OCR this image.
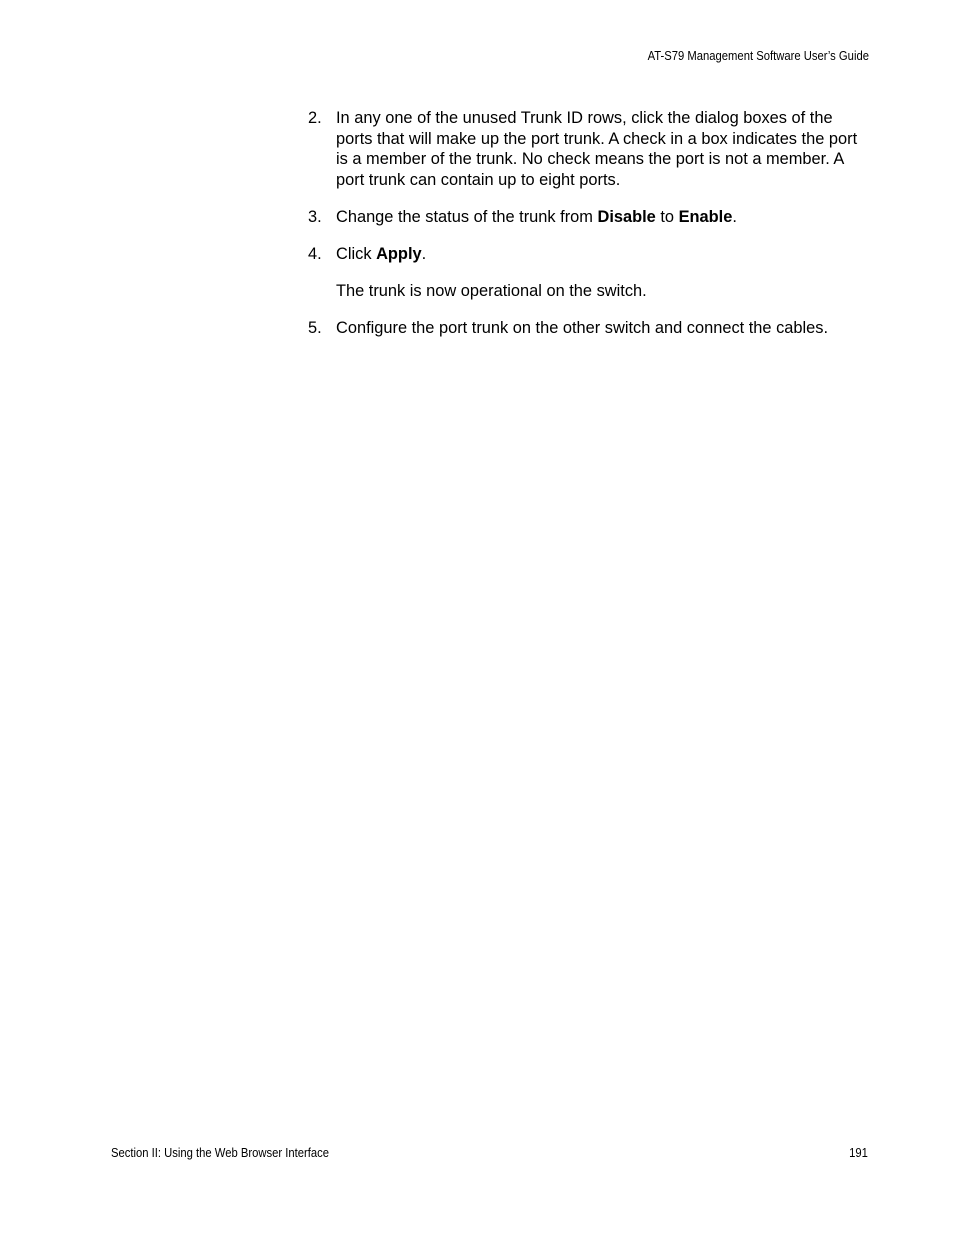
AT-S79 Management Software User’s Guide

2. In any one of the unused Trunk ID rows, click the dialog boxes of the ports that will make up the port trunk. A check in a box indicates the port is a member of the trunk. No check means the port is not a member. A port trunk can contain up to eight ports.

3. Change the status of the trunk from Disable to Enable.

4. Click Apply.

The trunk is now operational on the switch.

5. Configure the port trunk on the other switch and connect the cables.

Section II: Using the Web Browser Interface	191
